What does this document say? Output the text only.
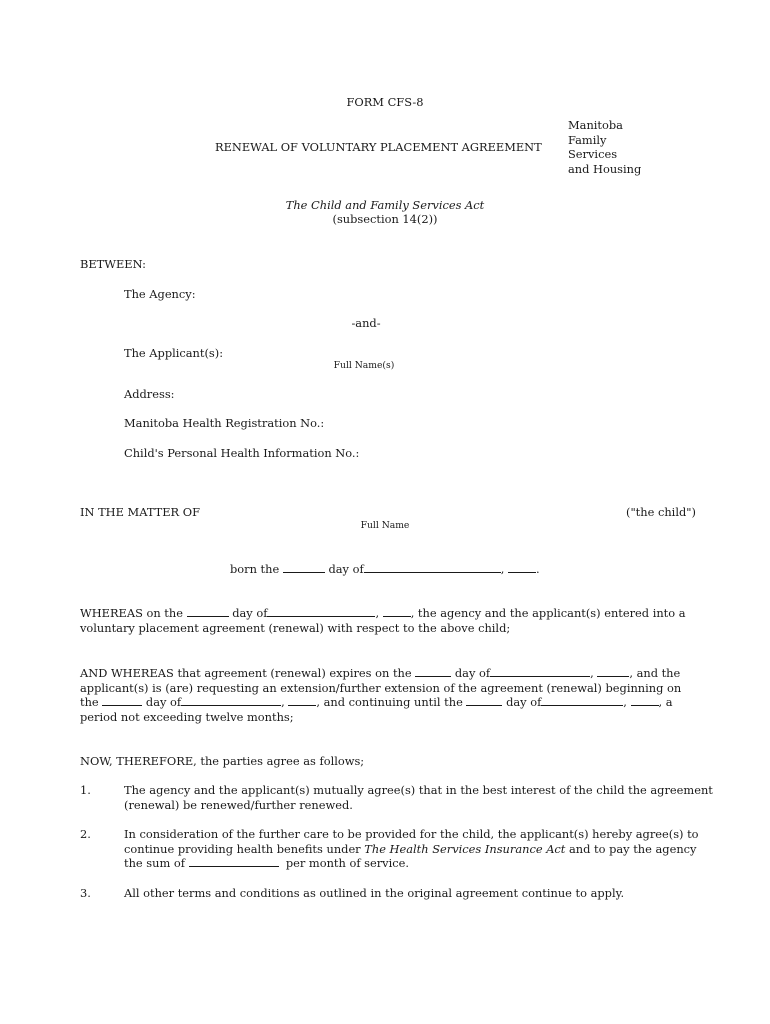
FORM CFS-8
RENEWAL OF VOLUNTARY PLACEMENT AGREEMENT
Manitoba
Family
Services
and Housing
The Child and Family Services Act
(subsection 14(2))
BETWEEN:
The Agency:
-and-
The Applicant(s):
Full Name(s)
Address:
Manitoba Health Registration No.:
Child's Personal Health Information No.:
IN THE MATTER OF	("the child")
Full Name
born the	day of	,	.
WHEREAS on the	day of	,	, the agency and the applicant(s) entered into a
voluntary placement agreement (renewal) with respect to the above child;
AND WHEREAS that agreement (renewal) expires on the	day of	,	, and the
applicant(s) is (are) requesting an extension/further extension of the agreement (renewal) beginning on
the	day of	,	, and continuing until the	day of	,	, a
period not exceeding twelve months;
NOW, THEREFORE, the parties agree as follows;
1.	The agency and the applicant(s) mutually agree(s) that in the best interest of the child the agreement
(renewal) be renewed/further renewed.
2.	In consideration of the further care to be provided for the child, the applicant(s) hereby agree(s) to
continue providing health benefits under The Health Services Insurance Act and to pay the agency
the sum of	per month of service.
3.	All other terms and conditions as outlined in the original agreement continue to apply.
